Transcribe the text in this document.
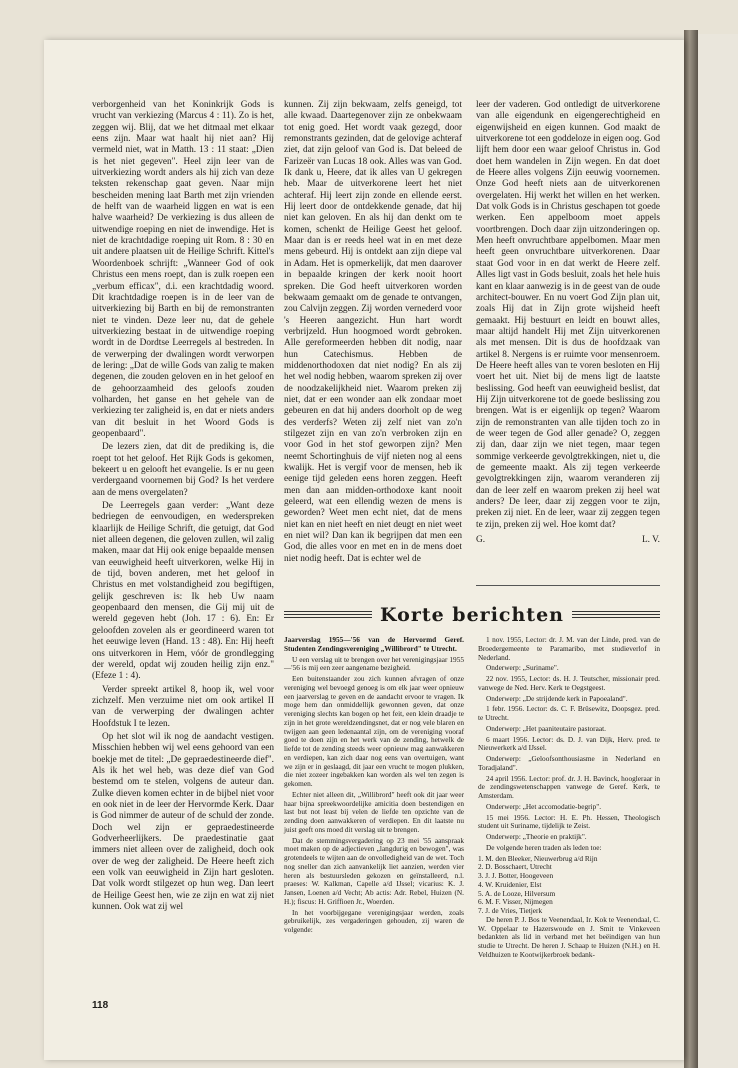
verborgenheid van het Koninkrijk Gods is vrucht van verkiezing (Marcus 4 : 11). Zo is het, zeggen wij. Blij, dat we het ditmaal met elkaar eens zijn. Maar wat haalt hij niet aan? Hij vermeld niet, wat in Matth. 13 : 11 staat: „Dien is het niet gegeven". Heel zijn leer van de uitverkiezing wordt anders als hij zich van deze teksten rekenschap gaat geven. Naar mijn bescheiden mening laat Barth met zijn vrienden de helft van de waarheid liggen en wat is een halve waarheid? De verkiezing is dus alleen de uitwendige roeping en niet de inwendige. Het is niet de krachtdadige roeping uit Rom. 8 : 30 en uit andere plaatsen uit de Heilige Schrift. Kittel's Woordenboek schrijft: „Wanneer God of ook Christus een mens roept, dan is zulk roepen een „verbum efficax", d.i. een krachtdadig woord. Dit krachtdadige roepen is in de leer van de uitverkiezing bij Barth en bij de remonstranten niet te vinden. Deze leer nu, dat de gehele uitverkiezing bestaat in de uitwendige roeping wordt in de Dordtse Leerregels al bestreden. In de verwerping der dwalingen wordt verworpen de lering: „Dat de wille Gods van zalig te maken degenen, die zouden geloven en in het geloof en de gehoorzaamheid des geloofs zouden volharden, het ganse en het gehele van de verkiezing ter zaligheid is, en dat er niets anders van dit besluit in het Woord Gods is geopenbaard".

De lezers zien, dat dit de prediking is, die roept tot het geloof. Het Rijk Gods is gekomen, bekeert u en gelooft het evangelie. Is er nu geen verdergaand voornemen bij God? Is het verdere aan de mens overgelaten?

De Leerregels gaan verder: „Want deze bedriegen de eenvoudigen, en wederspreken klaarlijk de Heilige Schrift, die getuigt, dat God niet alleen degenen, die geloven zullen, wil zalig maken, maar dat Hij ook enige bepaalde mensen van eeuwigheid heeft uitverkoren, welke Hij in de tijd, boven anderen, met het geloof in Christus en met volstandigheid zou begiftigen, gelijk geschreven is: Ik heb Uw naam geopenbaard den mensen, die Gij mij uit de wereld gegeven hebt (Joh. 17 : 6). En: Er geloofden zovelen als er geordineerd waren tot het eeuwige leven (Hand. 13 : 48). En: Hij heeft ons uitverkoren in Hem, vóór de grondlegging der wereld, opdat wij zouden heilig zijn enz." (Efeze 1 : 4).

Verder spreekt artikel 8, hoop ik, wel voor zichzelf. Men verzuime niet om ook artikel II van de verwerping der dwalingen achter Hoofdstuk I te lezen.

Op het slot wil ik nog de aandacht vestigen. Misschien hebben wij wel eens gehoord van een boekje met de titel: „De gepraedestineerde dief". Als ik het wel heb, was deze dief van God bestemd om te stelen, volgens de auteur dan. Zulke dieven komen echter in de bijbel niet voor en ook niet in de leer der Hervormde Kerk. Daar is God nimmer de auteur of de schuld der zonde. Doch wel zijn er gepraedestineerde Godverheerlijkers. De praedestinatie gaat immers niet alleen over de zaligheid, doch ook over de weg der zaligheid. De Heere heeft zich een volk van eeuwigheid in Zijn hart gesloten. Dat volk wordt stilgezet op hun weg. Dan leert de Heilige Geest hen, wie ze zijn en wat zij niet kunnen. Ook wat zij wel

kunnen. Zij zijn bekwaam, zelfs geneigd, tot alle kwaad. Daartegenover zijn ze onbekwaam tot enig goed. Het wordt vaak gezegd, door remonstrants gezinden, dat de gelovige achteraf ziet, dat zijn geloof van God is. Dat beleed de Farizeër van Lucas 18 ook. Alles was van God. Ik dank u, Heere, dat ik alles van U gekregen heb. Maar de uitverkorene leert het niet achteraf. Hij leert zijn zonde en ellende eerst. Hij leert door de ontdekkende genade, dat hij niet kan geloven. En als hij dan denkt om te komen, schenkt de Heilige Geest het geloof. Maar dan is er reeds heel wat in en met deze mens gebeurd. Hij is ontdekt aan zijn diepe val in Adam. Het is opmerkelijk, dat men daarover in bepaalde kringen der kerk nooit hoort spreken. Die God heeft uitverkoren worden bekwaam gemaakt om de genade te ontvangen, zou Calvijn zeggen. Zij worden vernederd voor 's Heeren aangezicht. Hun hart wordt verbrijzeld. Hun hoogmoed wordt gebroken. Alle gereformeerden hebben dit nodig, naar hun Catechismus. Hebben de middenorthodoxen dat niet nodig? En als zij het wel nodig hebben, waarom spreken zij over de noodzakelijkheid niet. Waarom preken zij niet, dat er een wonder aan elk zondaar moet gebeuren en dat hij anders doorholt op de weg des verderfs? Weten zij zelf niet van zo'n stilgezet zijn en van zo'n verbroken zijn en voor God in het stof geworpen zijn? Men neemt Schortinghuis de vijf nieten nog al eens kwalijk. Het is vergif voor de mensen, heb ik eenige tijd geleden eens horen zeggen. Heeft men dan aan midden-orthodoxe kant nooit geleerd, wat een ellendig wezen de mens is geworden? Weet men echt niet, dat de mens niet kan en niet heeft en niet deugt en niet weet en niet wil? Dan kan ik begrijpen dat men een God, die alles voor en met en in de mens doet niet nodig heeft. Dat is echter wel de

leer der vaderen. God ontledigt de uitverkorene van alle eigendunk en eigengerechtigheid en eigenwijsheid en eigen kunnen. God maakt de uitverkorene tot een goddeloze in eigen oog. God lijft hem door een waar geloof Christus in. God doet hem wandelen in Zijn wegen. En dat doet de Heere alles volgens Zijn eeuwig voornemen. Onze God heeft niets aan de uitverkorenen overgelaten. Hij werkt het willen en het werken. Dat volk Gods is in Christus geschapen tot goede werken. Een appelboom moet appels voortbrengen. Doch daar zijn uitzonderingen op. Men heeft onvruchtbare appelbomen. Maar men heeft geen onvruchtbare uitverkorenen. Daar staat God voor in en dat werkt de Heere zelf. Alles ligt vast in Gods besluit, zoals het hele huis kant en klaar aanwezig is in de geest van de oude architect-bouwer. En nu voert God Zijn plan uit, zoals Hij dat in Zijn grote wijsheid heeft gemaakt. Hij bestuurt en leidt en bouwt alles, maar altijd handelt Hij met Zijn uitverkorenen als met mensen. Dit is dus de hoofdzaak van artikel 8. Nergens is er ruimte voor mensenroem. De Heere heeft alles van te voren besloten en Hij voert het uit. Niet bij de mens ligt de laatste beslissing. God heeft van eeuwigheid beslist, dat Hij Zijn uitverkorene tot de goede beslissing zou brengen. Wat is er eigenlijk op tegen? Waarom zijn de remonstranten van alle tijden toch zo in de weer tegen de God aller genade? O, zeggen zij dan, daar zijn we niet tegen, maar tegen sommige verkeerde gevolgtrekkingen, niet u, die de gemeente maakt. Als zij tegen verkeerde gevolgtrekkingen zijn, waarom veranderen zij dan de leer zelf en waarom preken zij heel wat anders? De leer, daar zij zeggen voor te zijn, preken zij niet. En de leer, waar zij zeggen tegen te zijn, preken zij wel. Hoe komt dat?

G.	L. V.
Korte berichten

Jaarverslag 1955—'56 van de Hervormd Geref. Studenten Zendingsvereniging „Willibrord" te Utrecht.

U een verslag uit te brengen over het verenigingsjaar 1955—'56 is mij een zeer aangename bezigheid.

Een buitenstaander zou zich kunnen afvragen of onze vereniging wel bevoegd genoeg is om elk jaar weer opnieuw een jaarverslag te geven en de aandacht ervoor te vragen. Ik moge hem dan onmiddellijk gewonnen geven, dat onze vereniging slechts kan bogen op het feit, een klein draadje te zijn in het grote wereldzendingsnet, dat er nog vele blaren en twijgen aan geen ledenaantal zijn, om de vereniging vooraf goed te doen zijn en het werk van de zending, hetwelk de liefde tot de zending steeds weer opnieuw mag aanwakkeren en verdiepen, kan zich daar nog eens van overtuigen, want we zijn er in geslaagd, dit jaar een vrucht te mogen plukken, die niet zozeer ingebakken kan worden als wel ten zegen is gekomen.

Echter niet alleen dit, „Willibrord" heeft ook dit jaar weer haar bijna spreekwoordelijke amicitia doen bestendigen en last but not least bij velen de liefde ten opzichte van de zending doen aanwakkeren of verdiepen. En dit laatste nu juist geeft ons moed dit verslag uit te brengen.

Dat de stemmingsvergadering op 23 mei '55 aanspraak moet maken op de adjectieven „langdurig en bewogen", was grotendeels te wijten aan de onvolledigheid van de wet. Toch nog sneller dan zich aanvankelijk liet aanzien, werden vier heren als bestuursleden gekozen en geïnstalleerd, n.l. praeses: W. Kalkman, Capelle a/d IJssel; vicarius: K. J. Jansen, Loenen a/d Vecht; Ab actis: Adr. Rebel, Huizen (N. H.); fiscus: H. Griffioen Jr., Woerden.

In het voorbijgegane verenigingsjaar werden, zoals gebruikelijk, zes vergaderingen gehouden, zij waren de volgende:

1 nov. 1955, Lector: dr. J. M. van der Linde, pred. van de Broedergemeente te Paramaribo, met studieverlof in Nederland.

Onderwerp: „Suriname".

22 nov. 1955, Lector: ds. H. J. Teutscher, missionair pred. vanwege de Ned. Herv. Kerk te Oegstgeest.

Onderwerp: „De strijdende kerk in Papoealand".

1 febr. 1956. Lector: ds. C. F. Brüsewitz, Doopsgez. pred. te Utrecht.

Onderwerp: „Het paaniteutaire pastoraat.

6 maart 1956. Lector: ds. D. J. van Dijk, Herv. pred. te Nieuwerkerk a/d IJssel.

Onderwerp: „Geloofsonthousiasme in Nederland en Toradjaland".

24 april 1956. Lector: prof. dr. J. H. Bavinck, hoogleraar in de zendingswetenschappen vanwege de Geref. Kerk, te Amsterdam.

Onderwerp: „Het accomodatie-begrip".

15 mei 1956. Lector: H. E. Ph. Hessen, Theologisch student uit Suriname, tijdelijk te Zeist.

Onderwerp: „Theorie en praktijk".

De volgende heren traden als leden toe:

1. M. den Bleeker, Nieuwerbrug a/d Rijn
2. D. Bosschaert, Utrecht
3. J. J. Botter, Hoogeveen
4. W. Kruidenier, Elst
5. A. de Looze, Hilversum
6. M. F. Visser, Nijmegen
7. J. de Vries, Tietjerk

De heren P. J. Bos te Veenendaal, Ir. Kok te Veenendaal, C. W. Oppelaar te Hazerswoude en J. Smit te Vinkeveen bedankten als lid in verband met het beëindigen van hun studie te Utrecht. De heren J. Schaap te Huizen (N.H.) en H. Veldhuizen te Kootwijkerbroek bedank-

118
